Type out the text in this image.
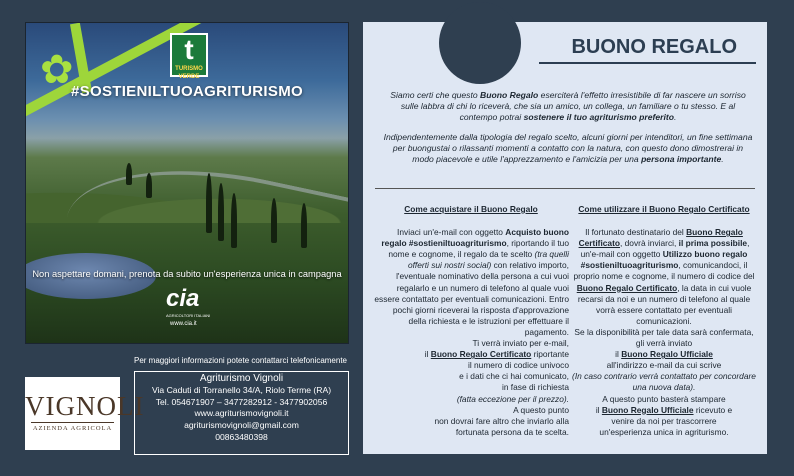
✿	t
TURISMO VERDE
#SOSTIENILTUOAGRITURISMO
Non aspettare domani, prenota da subito un'esperienza unica in campagna
cia
AGRICOLTORI ITALIANI
www.cia.it
Per maggiori informazioni potete contattarci telefonicamente
VIGNOLI
AZIENDA AGRICOLA
Agriturismo Vignoli
Via Caduti di Torranello 34/A, Riolo Terme (RA)
Tel. 054671907 – 3477282912 - 3477902056
www.agriturismovignoli.it
agriturismovignoli@gmail.com
00863480398
BUONO REGALO
Siamo certi che questo Buono Regalo eserciterà l'effetto irresistibile di far nascere un sorriso sulle labbra di chi lo riceverà, che sia un amico, un collega, un familiare o tu stesso. E al contempo potrai sostenere il tuo agriturismo preferito.
Indipendentemente dalla tipologia del regalo scelto, alcuni giorni per intenditori, un fine settimana per buongustai o rilassanti momenti a contatto con la natura, con questo dono dimostrerai in modo piacevole e utile l'apprezzamento e l'amicizia per una persona importante.
Come acquistare il Buono Regalo

Inviaci un'e-mail con oggetto Acquisto buono regalo #sostieniltuoagriturismo, riportando il tuo nome e cognome, il regalo da te scelto (tra quelli offerti sui nostri social) con relativo importo, l'eventuale nominativo della persona a cui vuoi regalarlo e un numero di telefono al quale vuoi essere contattato per eventuali comunicazioni. Entro pochi giorni riceverai la risposta d'approvazione della richiesta e le istruzioni per effettuare il pagamento.

Ti verrà inviato per e-mail,

il Buono Regalo Certificato riportante

il numero di codice univoco

e i dati che ci hai comunicato,

in fase di richiesta

(fatta eccezione per il prezzo).

A questo punto

non dovrai fare altro che inviarlo alla

fortunata persona da te scelta.

Come utilizzare il Buono Regalo Certificato

Il fortunato destinatario del Buono Regalo Certificato, dovrà inviarci, il prima possibile, un'e-mail con oggetto Utilizzo buono regalo #sostieniltuoagriturismo, comunicandoci, il proprio nome e cognome, il numero di codice del Buono Regalo Certificato, la data in cui vuole recarsi da noi e un numero di telefono al quale vorrà essere contattato per eventuali comunicazioni.

Se la disponibilità per tale data sarà confermata, gli verrà inviato

il Buono Regalo Ufficiale

all'indirizzo e-mail da cui scrive

(In caso contrario verrà contattato per concordare una nuova data).

A questo punto basterà stampare

il Buono Regalo Ufficiale ricevuto e

venire da noi per trascorrere

un'esperienza unica in agriturismo.
